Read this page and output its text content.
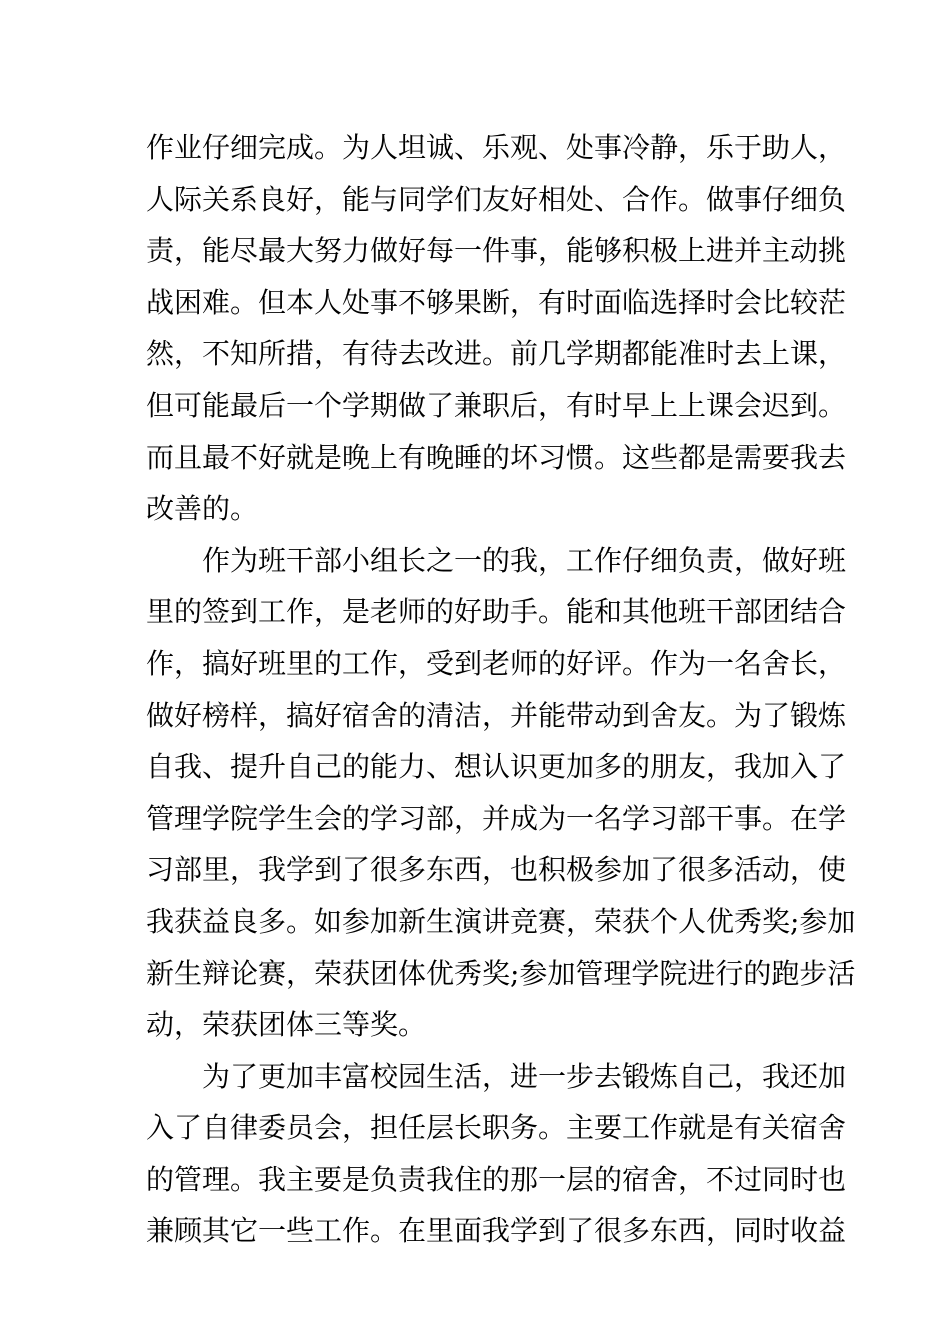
作业仔细完成。为人坦诚、乐观、处事冷静，乐于助人，
人际关系良好，能与同学们友好相处、合作。做事仔细负
责，能尽最大努力做好每一件事，能够积极上进并主动挑
战困难。但本人处事不够果断，有时面临选择时会比较茫
然，不知所措，有待去改进。前几学期都能准时去上课，
但可能最后一个学期做了兼职后，有时早上上课会迟到。
而且最不好就是晚上有晚睡的坏习惯。这些都是需要我去
改善的。
作为班干部小组长之一的我，工作仔细负责，做好班
里的签到工作，是老师的好助手。能和其他班干部团结合
作，搞好班里的工作，受到老师的好评。作为一名舍长，
做好榜样，搞好宿舍的清洁，并能带动到舍友。为了锻炼
自我、提升自己的能力、想认识更加多的朋友，我加入了
管理学院学生会的学习部，并成为一名学习部干事。在学
习部里，我学到了很多东西，也积极参加了很多活动，使
我获益良多。如参加新生演讲竞赛，荣获个人优秀奖;参加
新生辩论赛，荣获团体优秀奖;参加管理学院进行的跑步活
动，荣获团体三等奖。
为了更加丰富校园生活，进一步去锻炼自己，我还加
入了自律委员会，担任层长职务。主要工作就是有关宿舍
的管理。我主要是负责我住的那一层的宿舍，不过同时也
兼顾其它一些工作。在里面我学到了很多东西，同时收益
